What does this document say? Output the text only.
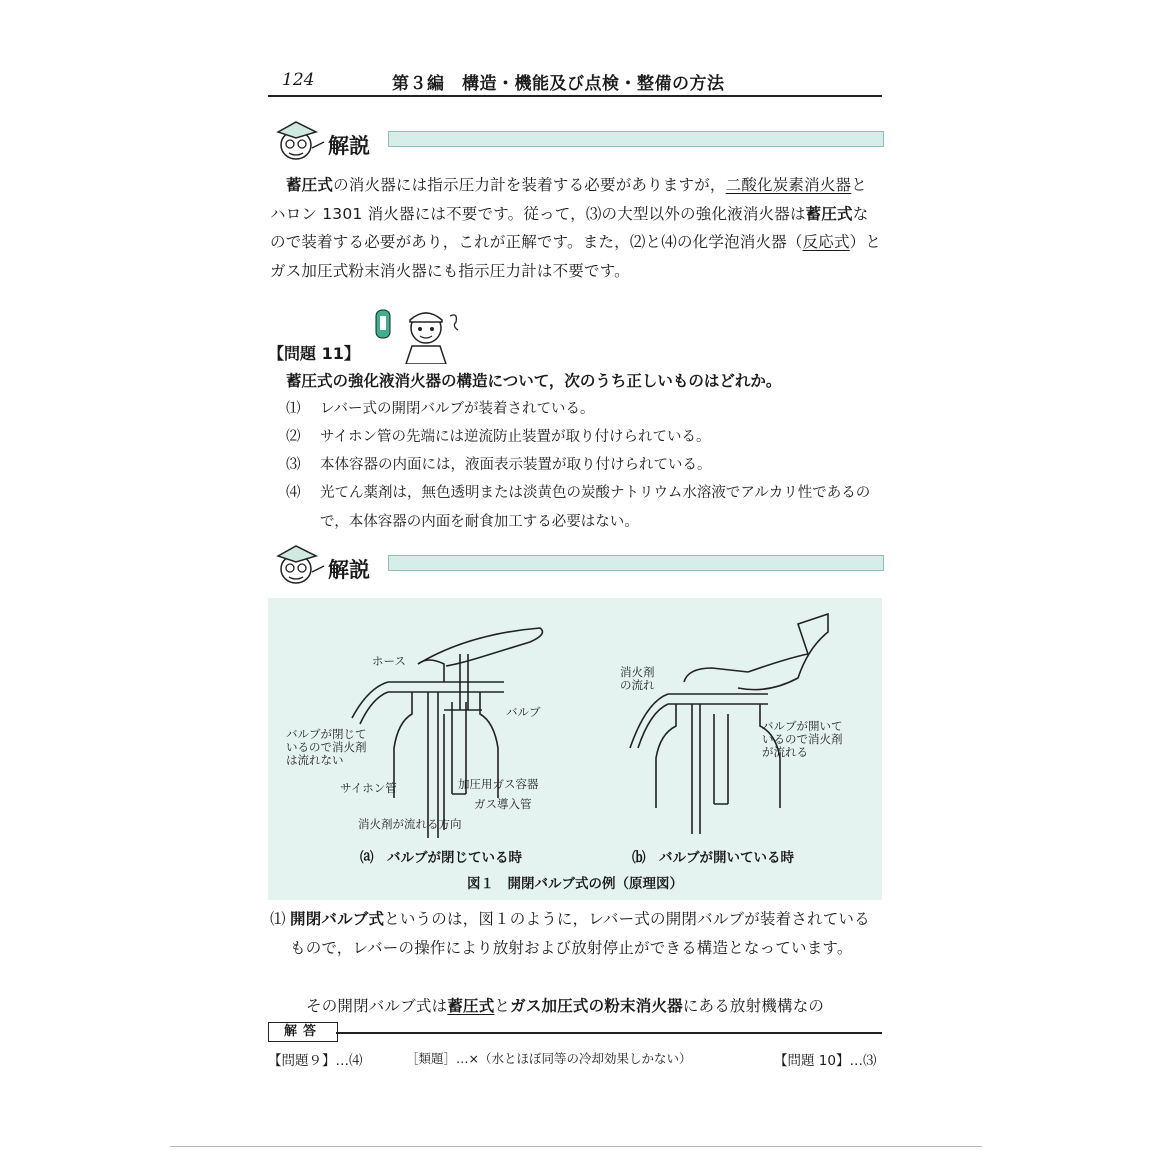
124	第３編　構造・機能及び点検・整備の方法
解説
蓄圧式の消火器には指示圧力計を装着する必要がありますが，二酸化炭素消火器とハロン 1301 消火器には不要です。従って，⑶の大型以外の強化液消火器は蓄圧式なので装着する必要があり，これが正解です。また，⑵と⑷の化学泡消火器（反応式）とガス加圧式粉末消火器にも指示圧力計は不要です。
【問題 11】
蓄圧式の強化液消火器の構造について，次のうち正しいものはどれか。
⑴ レバー式の開閉バルブが装着されている。
⑵ サイホン管の先端には逆流防止装置が取り付けられている。
⑶ 本体容器の内面には，液面表示装置が取り付けられている。
⑷ 光てん薬剤は，無色透明または淡黄色の炭酸ナトリウム水溶液でアルカリ性であるので，本体容器の内面を耐食加工する必要はない。
解説
ホース
バルブ
バルブが閉じて
いるので消火剤
は流れない
加圧用ガス容器
サイホン管
ガス導入管
消火剤が流れる方向
消火剤
の流れ
バルブが開いて
いるので消火剤
が流れる
⒜　バルブが閉じている時	⒝　バルブが開いている時
図１　開閉バルブ式の例（原理図）
⑴ 開閉バルブ式というのは，図１のように，レバー式の開閉バルブが装着されているもので，レバーの操作により放射および放射停止ができる構造となっています。
その開閉バルブ式は蓄圧式とガス加圧式の粉末消火器にある放射機構なの
解答
【問題９】…⑷	［類題］…×（水とほぼ同等の冷却効果しかない）	【問題 10】…⑶
